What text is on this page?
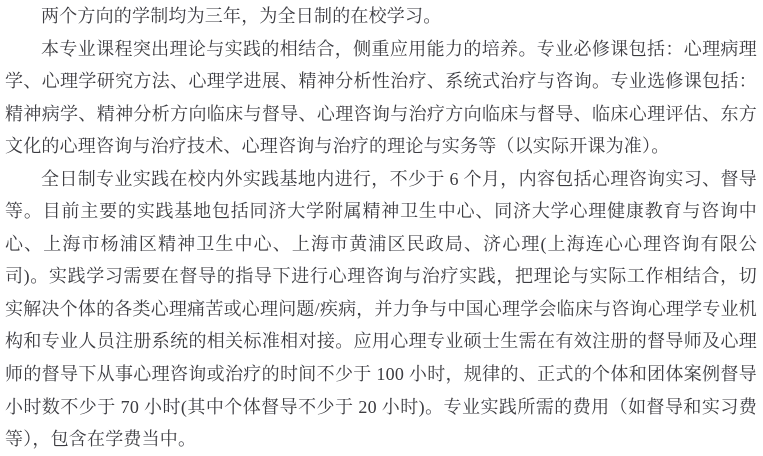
两个方向的学制均为三年，为全日制的在校学习。

本专业课程突出理论与实践的相结合，侧重应用能力的培养。专业必修课包括：心理病理学、心理学研究方法、心理学进展、精神分析性治疗、系统式治疗与咨询。专业选修课包括：精神病学、精神分析方向临床与督导、心理咨询与治疗方向临床与督导、临床心理评估、东方文化的心理咨询与治疗技术、心理咨询与治疗的理论与实务等（以实际开课为准）。

全日制专业实践在校内外实践基地内进行，不少于 6 个月，内容包括心理咨询实习、督导等。目前主要的实践基地包括同济大学附属精神卫生中心、同济大学心理健康教育与咨询中心、上海市杨浦区精神卫生中心、上海市黄浦区民政局、济心理(上海连心心理咨询有限公司)。实践学习需要在督导的指导下进行心理咨询与治疗实践，把理论与实际工作相结合，切实解决个体的各类心理痛苦或心理问题/疾病，并力争与中国心理学会临床与咨询心理学专业机构和专业人员注册系统的相关标准相对接。应用心理专业硕士生需在有效注册的督导师及心理师的督导下从事心理咨询或治疗的时间不少于 100 小时，规律的、正式的个体和团体案例督导小时数不少于 70 小时(其中个体督导不少于 20 小时)。专业实践所需的费用（如督导和实习费等），包含在学费当中。
